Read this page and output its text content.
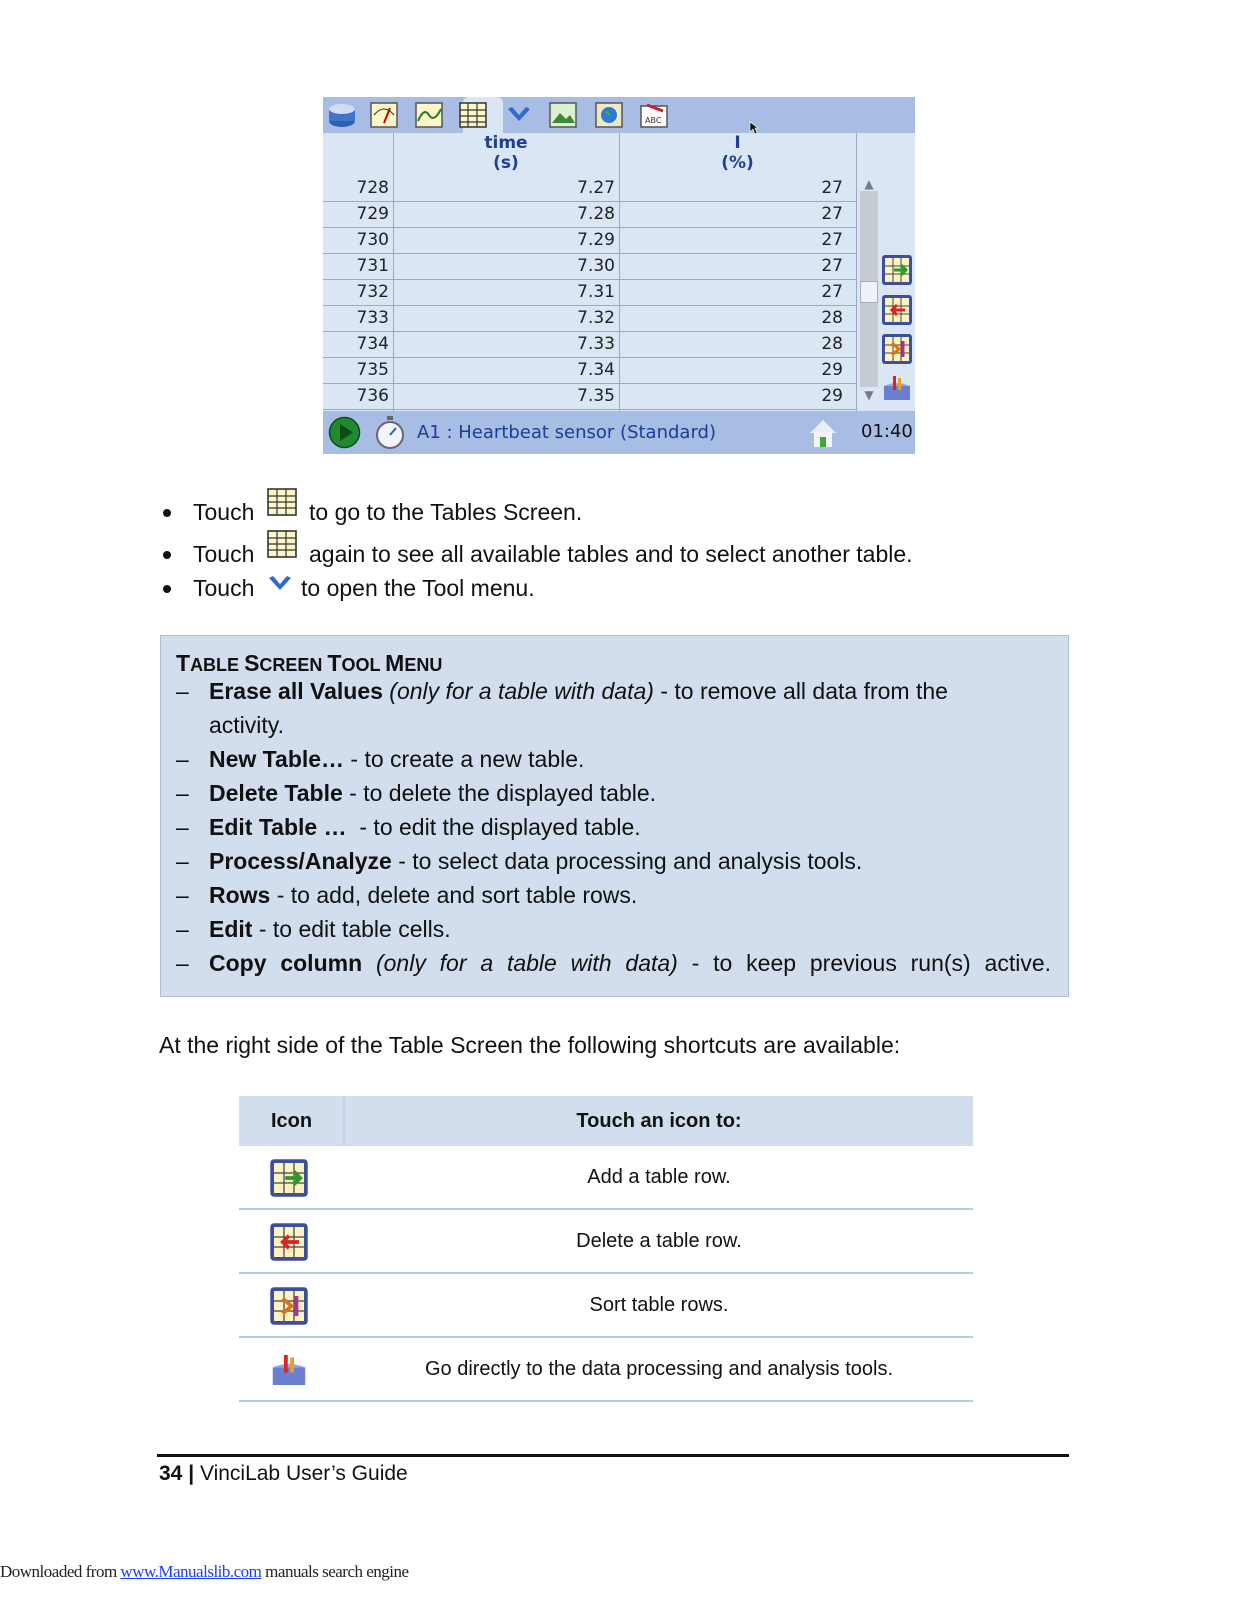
ABC
time
(s)
I
(%)
728	7.27	27
729	7.28	27
730	7.29	27
731	7.30	27
732	7.31	27
733	7.32	28
734	7.33	28
735	7.34	29
736	7.35	29
▲
▼
A1 : Heartbeat sensor (Standard)	01:40
Touch to go to the Tables Screen.
Touch again to see all available tables and to select another table.
Touch to open the Tool menu.
TABLE SCREEN TOOL MENU
– Erase all Values (only for a table with data) - to remove all data from the
activity.
– New Table… - to create a new table.
– Delete Table - to delete the displayed table.
– Edit Table …  - to edit the displayed table.
– Process/Analyze - to select data processing and analysis tools.
– Rows - to add, delete and sort table rows.
– Edit - to edit table cells.
– Copy column (only for a table with data) - to keep previous run(s) active.
At the right side of the Table Screen the following shortcuts are available:
Icon	Touch an icon to:
Add a table row.
Delete a table row.
Sort table rows.
Go directly to the data processing and analysis tools.
34 | VinciLab User’s Guide
Downloaded from www.Manualslib.com manuals search engine
